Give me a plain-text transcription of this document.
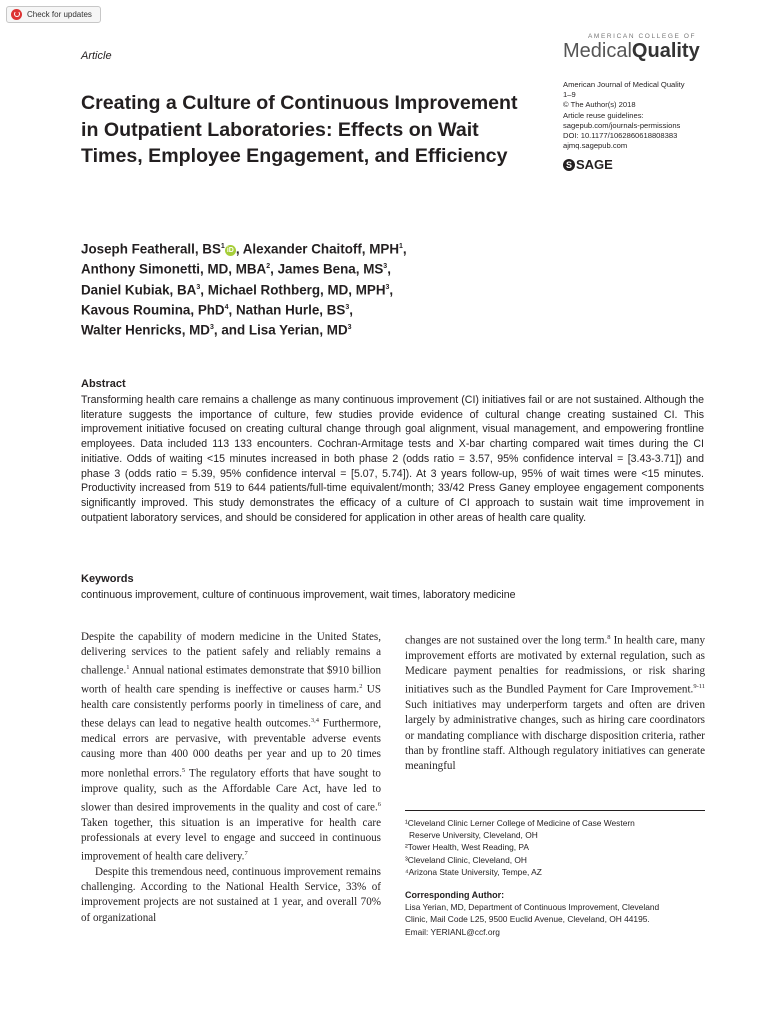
Check for updates
AMERICAN COLLEGE OF
MedicalQuality
Article
Creating a Culture of Continuous Improvement in Outpatient Laboratories: Effects on Wait Times, Employee Engagement, and Efficiency
American Journal of Medical Quality
1–9
© The Author(s) 2018
Article reuse guidelines:
sagepub.com/journals-permissions
DOI: 10.1177/1062860618808383
ajmq.sagepub.com
S SAGE
Joseph Featherall, $BS^1iD$ , Alexander Chaitoff, MPH$^1$,
Anthony Simonetti, MD, MBA$^2$, James Bena, $MS^3$,
Daniel Kubiak, $BA^3$, Michael Rothberg, MD, MPH$^3$,
Kavous Roumina, PhD$^4$, Nathan Hurle, $BS^3$,
Walter Henricks, $MD^3$, and Lisa Yerian, $MD^3$
Abstract
Transforming health care remains a challenge as many continuous improvement (CI) initiatives fail or are not sustained. Although the literature suggests the importance of culture, few studies provide evidence of cultural change creating sustained CI. This improvement initiative focused on creating cultural change through goal alignment, visual management, and empowering frontline employees. Data included 113 133 encounters. Cochran-Armitage tests and X-bar charting compared wait times during the CI initiative. Odds of waiting <15 minutes increased in both phase 2 (odds ratio = 3.57, 95% confidence interval = [3.43-3.71]) and phase 3 (odds ratio = 5.39, 95% confidence interval = [5.07, 5.74]). At 3 years follow-up, 95% of wait times were <15 minutes. Productivity increased from 519 to 644 patients/full-time equivalent/month; 33/42 Press Ganey employee engagement components significantly improved. This study demonstrates the efficacy of a culture of CI approach to sustain wait time improvement in outpatient laboratory services, and should be considered for application in other areas of health care quality.
Keywords
continuous improvement, culture of continuous improvement, wait times, laboratory medicine

Despite the capability of modern medicine in the United States, delivering services to the patient safely and reliably remains a challenge.$^1$ Annual national estimates demonstrate that $910 billion worth of health care spending is ineffective or causes harm.$^2$ US health care consistently performs poorly in timeliness of care, and these delays can lead to negative health outcomes.$^{3,4}$ Furthermore, medical errors are pervasive, with preventable adverse events causing more than 400 000 deaths per year and up to 20 times more nonlethal errors.$^5$ The regulatory efforts that have sought to improve quality, such as the Affordable Care Act, have led to slower than desired improvements in the quality and cost of care.$^6$ Taken together, this situation is an imperative for health care professionals at every level to engage and succeed in continuous improvement of health care delivery.$^7$

Despite this tremendous need, continuous improvement remains challenging. According to the National Health Service, 33% of improvement projects are not sustained at 1 year, and overall 70% of organizational

changes are not sustained over the long term.$^8$ In health care, many improvement efforts are motivated by external regulation, such as Medicare payment penalties for readmissions, or risk sharing initiatives such as the Bundled Payment for Care Improvement.$^{9-11}$ Such initiatives may underperform targets and often are driven largely by administrative changes, such as hiring care coordinators or mandating compliance with discharge disposition criteria, rather than by frontline staff. Although regulatory initiatives can generate meaningful

¹Cleveland Clinic Lerner College of Medicine of Case Western
Reserve University, Cleveland, OH
²Tower Health, West Reading, PA
³Cleveland Clinic, Cleveland, OH
⁴Arizona State University, Tempe, AZ
Corresponding Author:
Lisa Yerian, MD, Department of Continuous Improvement, Cleveland
Clinic, Mail Code L25, 9500 Euclid Avenue, Cleveland, OH 44195.
Email: YERIANL@ccf.org
